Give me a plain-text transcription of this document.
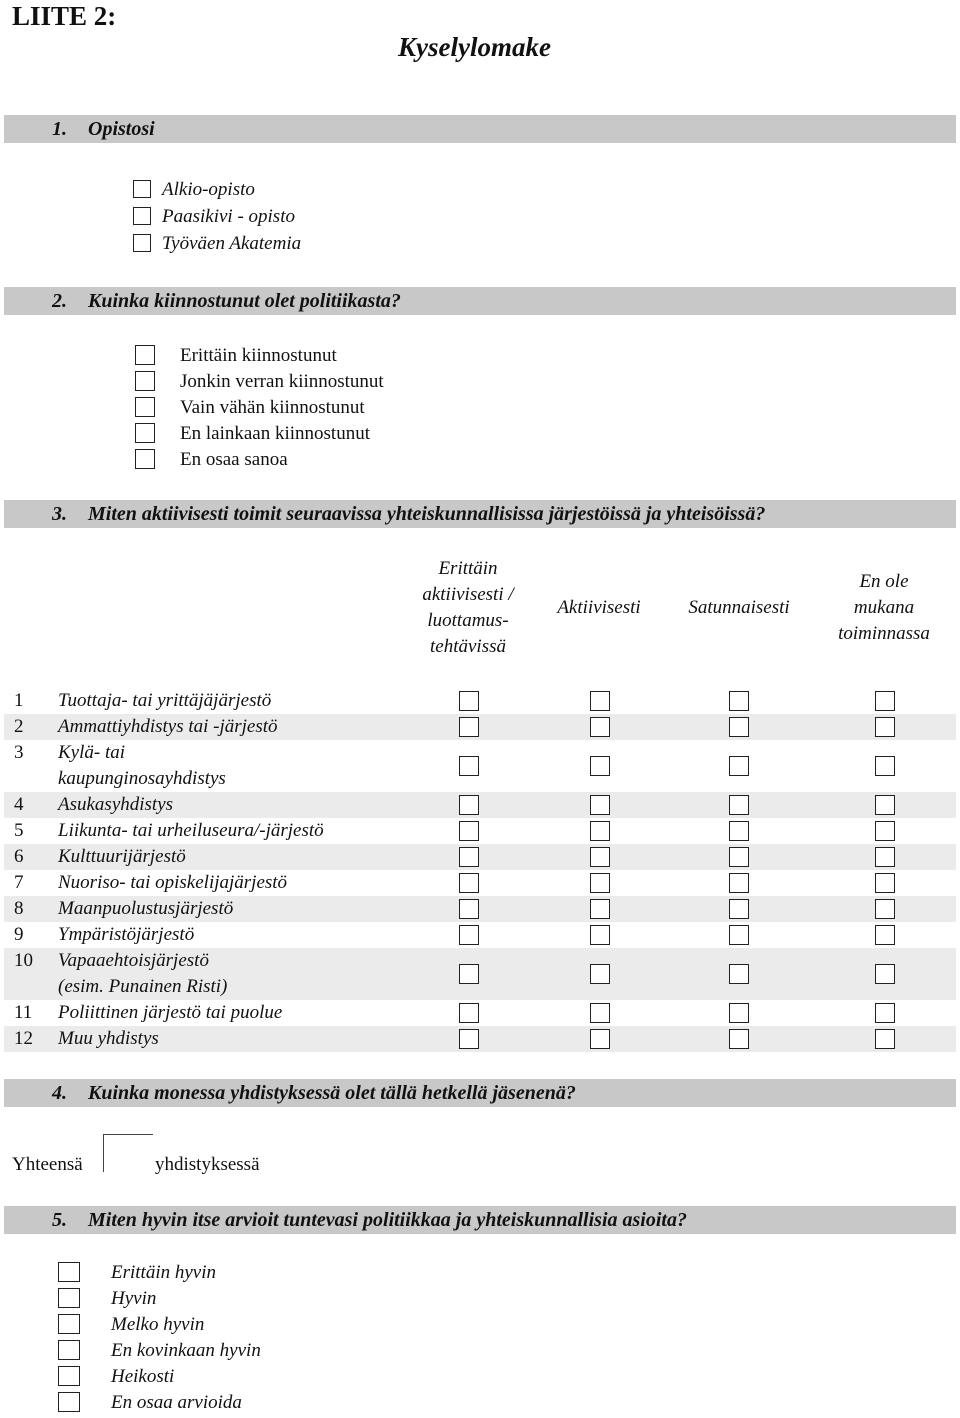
LIITE 2:
Kyselylomake
1. Opistosi
Alkio-opisto
Paasikivi - opisto
Työväen Akatemia
2. Kuinka kiinnostunut olet politiikasta?
Erittäin kiinnostunut
Jonkin verran kiinnostunut
Vain vähän kiinnostunut
En lainkaan kiinnostunut
En osaa sanoa
3. Miten aktiivisesti toimit seuraavissa yhteiskunnallisissa järjestöissä ja yhteisöissä?
Erittäin
aktiivisesti /
luottamus-
tehtävissä
Aktiivisesti	Satunnaisesti
En ole
mukana
toiminnassa
1 Tuottaja- tai yrittäjäjärjestö
2 Ammattiyhdistys tai -järjestö
3 Kylä- tai
kaupunginosayhdistys
4 Asukasyhdistys
5 Liikunta- tai urheiluseura/-järjestö
6 Kulttuurijärjestö
7 Nuoriso- tai opiskelijajärjestö
8 Maanpuolustusjärjestö
9 Ympäristöjärjestö
10 Vapaaehtoisjärjestö
(esim. Punainen Risti)
11 Poliittinen järjestö tai puolue
12 Muu yhdistys
4. Kuinka monessa yhdistyksessä olet tällä hetkellä jäsenenä?
Yhteensä	yhdistyksessä
5. Miten hyvin itse arvioit tuntevasi politiikkaa ja yhteiskunnallisia asioita?
Erittäin hyvin
Hyvin
Melko hyvin
En kovinkaan hyvin
Heikosti
En osaa arvioida
